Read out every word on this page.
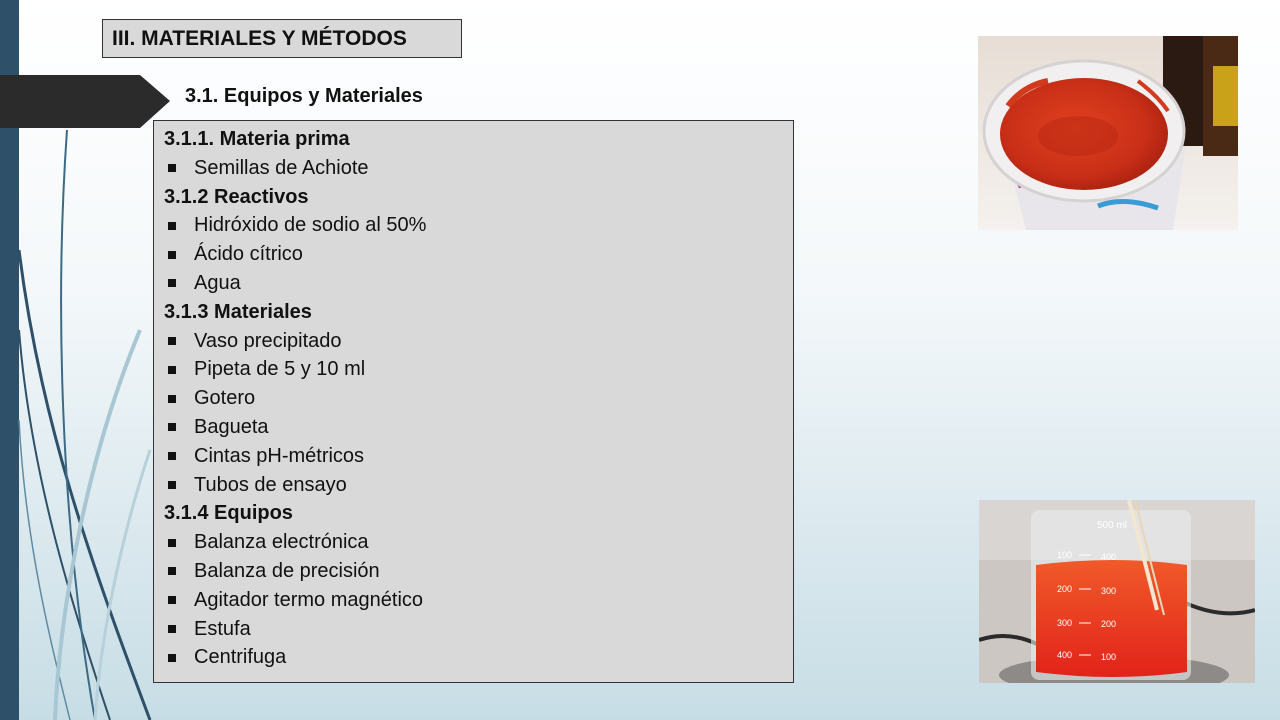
III. MATERIALES Y MÉTODOS
3.1. Equipos y Materiales
3.1.1. Materia prima
Semillas de Achiote
3.1.2 Reactivos
Hidróxido de sodio al 50%
Ácido cítrico
Agua
3.1.3 Materiales
Vaso precipitado
Pipeta de 5 y 10 ml
Gotero
Bagueta
Cintas pH-métricos
Tubos de ensayo
3.1.4 Equipos
Balanza electrónica
Balanza de precisión
Agitador termo magnético
Estufa
Centrifuga
100
200
300
400
500 ml
400
300
200
100
